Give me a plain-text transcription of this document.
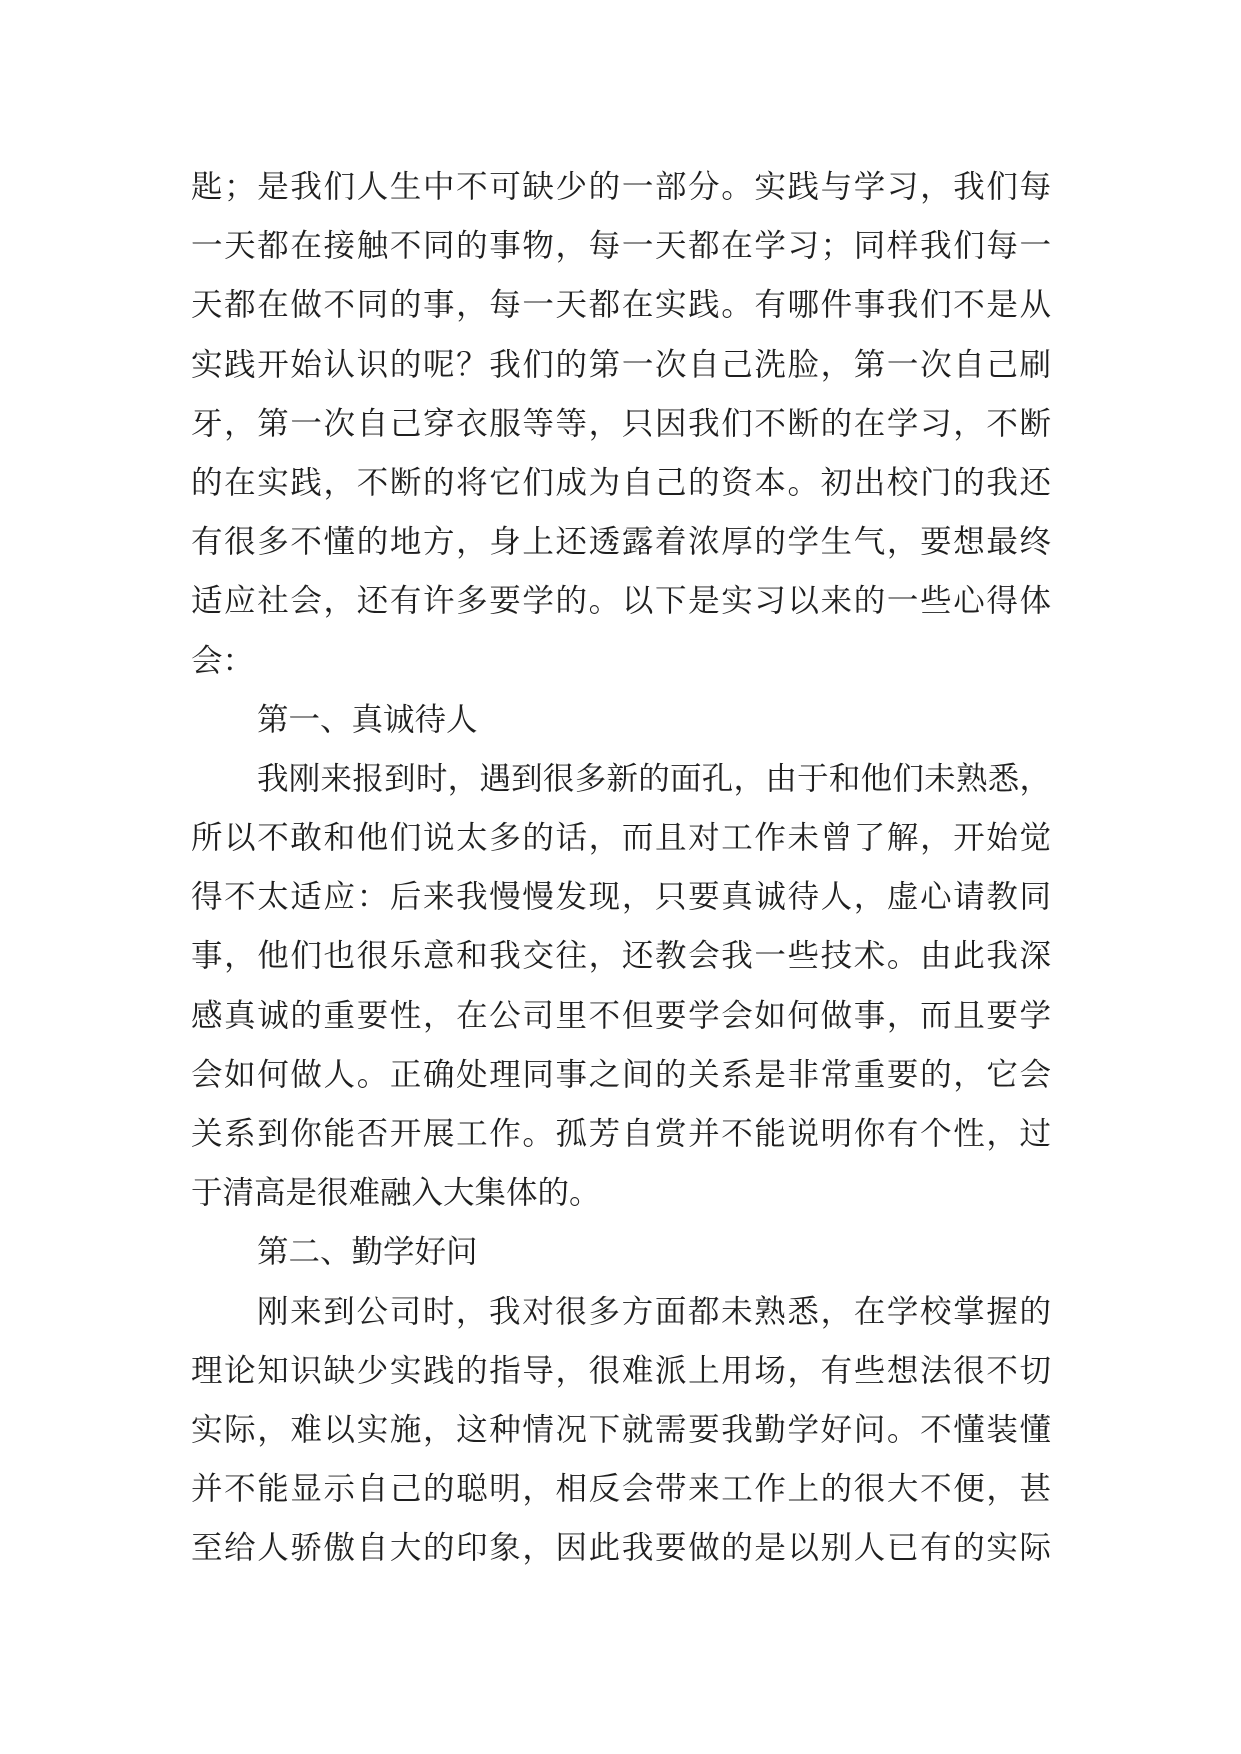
匙；是我们人生中不可缺少的一部分。实践与学习，我们每
一天都在接触不同的事物，每一天都在学习；同样我们每一
天都在做不同的事，每一天都在实践。有哪件事我们不是从
实践开始认识的呢？我们的第一次自己洗脸，第一次自己刷
牙，第一次自己穿衣服等等，只因我们不断的在学习，不断
的在实践，不断的将它们成为自己的资本。初出校门的我还
有很多不懂的地方，身上还透露着浓厚的学生气，要想最终
适应社会，还有许多要学的。以下是实习以来的一些心得体
会：
第一、真诚待人
我刚来报到时，遇到很多新的面孔，由于和他们未熟悉，
所以不敢和他们说太多的话，而且对工作未曾了解，开始觉
得不太适应：后来我慢慢发现，只要真诚待人，虚心请教同
事，他们也很乐意和我交往，还教会我一些技术。由此我深
感真诚的重要性，在公司里不但要学会如何做事，而且要学
会如何做人。正确处理同事之间的关系是非常重要的，它会
关系到你能否开展工作。孤芳自赏并不能说明你有个性，过
于清高是很难融入大集体的。
第二、勤学好问
刚来到公司时，我对很多方面都未熟悉，在学校掌握的
理论知识缺少实践的指导，很难派上用场，有些想法很不切
实际，难以实施，这种情况下就需要我勤学好问。不懂装懂
并不能显示自己的聪明，相反会带来工作上的很大不便，甚
至给人骄傲自大的印象，因此我要做的是以别人已有的实际
